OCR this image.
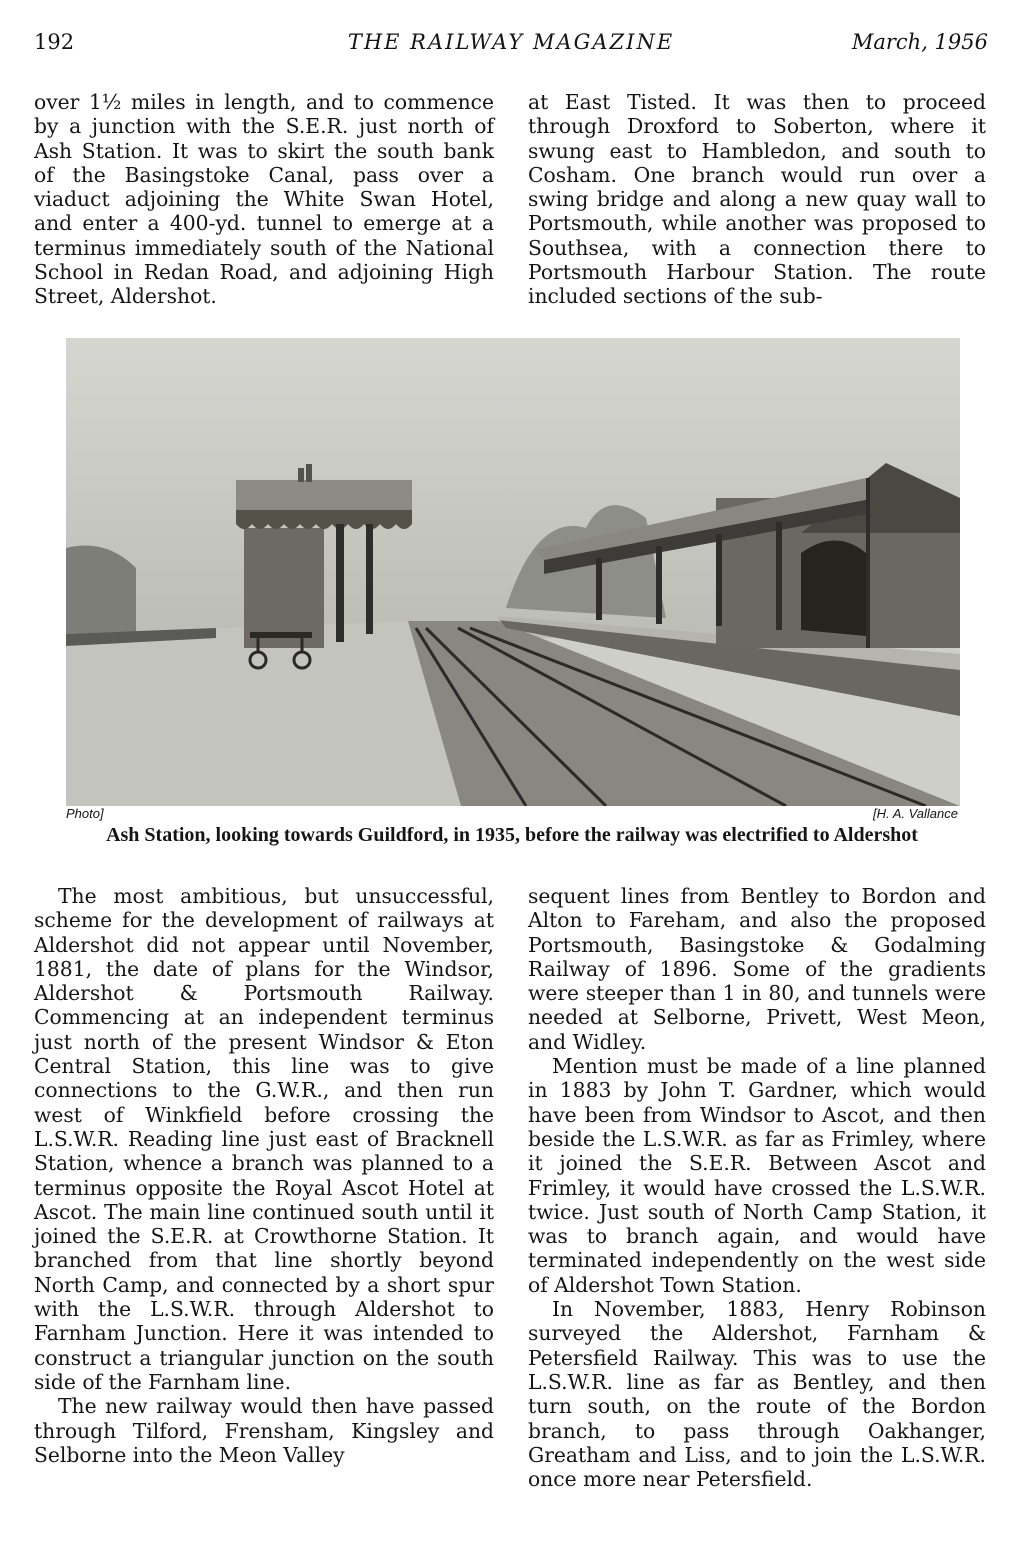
192	THE RAILWAY MAGAZINE	March, 1956

over 1½ miles in length, and to commence by a junction with the S.E.R. just north of Ash Station. It was to skirt the south bank of the Basingstoke Canal, pass over a viaduct adjoining the White Swan Hotel, and enter a 400-yd. tunnel to emerge at a terminus immediately south of the National School in Redan Road, and adjoining High Street, Aldershot.

at East Tisted. It was then to proceed through Droxford to Soberton, where it swung east to Hambledon, and south to Cosham. One branch would run over a swing bridge and along a new quay wall to Portsmouth, while another was proposed to Southsea, with a connection there to Portsmouth Harbour Station. The route included sections of the sub-

Photo]	[H. A. Vallance
Ash Station, looking towards Guildford, in 1935, before the railway was electrified to Aldershot

The most ambitious, but unsuccessful, scheme for the development of railways at Aldershot did not appear until November, 1881, the date of plans for the Windsor, Aldershot & Portsmouth Railway. Commencing at an independent terminus just north of the present Windsor & Eton Central Station, this line was to give connections to the G.W.R., and then run west of Winkfield before crossing the L.S.W.R. Reading line just east of Bracknell Station, whence a branch was planned to a terminus opposite the Royal Ascot Hotel at Ascot. The main line continued south until it joined the S.E.R. at Crowthorne Station. It branched from that line shortly beyond North Camp, and connected by a short spur with the L.S.W.R. through Aldershot to Farnham Junction. Here it was intended to construct a triangular junction on the south side of the Farnham line.

The new railway would then have passed through Tilford, Frensham, Kingsley and Selborne into the Meon Valley

sequent lines from Bentley to Bordon and Alton to Fareham, and also the proposed Portsmouth, Basingstoke & Godalming Railway of 1896. Some of the gradients were steeper than 1 in 80, and tunnels were needed at Selborne, Privett, West Meon, and Widley.

Mention must be made of a line planned in 1883 by John T. Gardner, which would have been from Windsor to Ascot, and then beside the L.S.W.R. as far as Frimley, where it joined the S.E.R. Between Ascot and Frimley, it would have crossed the L.S.W.R. twice. Just south of North Camp Station, it was to branch again, and would have terminated independently on the west side of Aldershot Town Station.

In November, 1883, Henry Robinson surveyed the Aldershot, Farnham & Petersfield Railway. This was to use the L.S.W.R. line as far as Bentley, and then turn south, on the route of the Bordon branch, to pass through Oakhanger, Greatham and Liss, and to join the L.S.W.R. once more near Petersfield.
